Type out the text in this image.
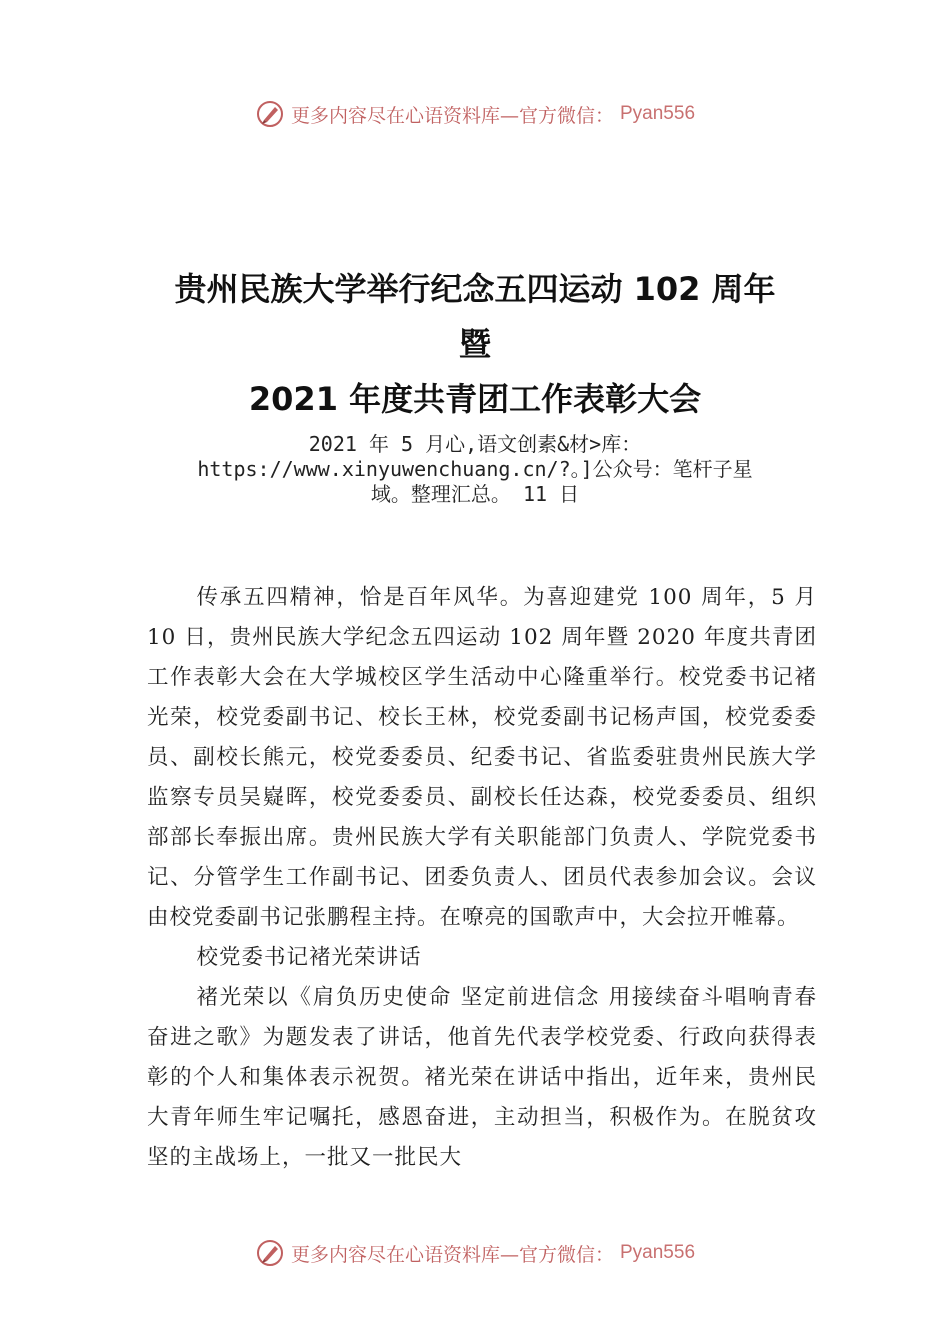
更多内容尽在心语资料库—官方微信： Pyan556
贵州民族大学举行纪念五四运动 102 周年
暨
2021 年度共青团工作表彰大会
2021 年 5 月心,语文创素&材>库：
https://www.xinyuwenchuang.cn/?。]公众号：笔杆子星
域。整理汇总。 11 日

传承五四精神，恰是百年风华。为喜迎建党 100 周年，5 月 10 日，贵州民族大学纪念五四运动 102 周年暨 2020 年度共青团工作表彰大会在大学城校区学生活动中心隆重举行。校党委书记褚光荣，校党委副书记、校长王林，校党委副书记杨声国，校党委委员、副校长熊元，校党委委员、纪委书记、省监委驻贵州民族大学监察专员吴嶷晖，校党委委员、副校长任达森，校党委委员、组织部部长奉振出席。贵州民族大学有关职能部门负责人、学院党委书记、分管学生工作副书记、团委负责人、团员代表参加会议。会议由校党委副书记张鹏程主持。在嘹亮的国歌声中，大会拉开帷幕。

校党委书记褚光荣讲话

褚光荣以《肩负历史使命 坚定前进信念 用接续奋斗唱响青春奋进之歌》为题发表了讲话，他首先代表学校党委、行政向获得表彰的个人和集体表示祝贺。褚光荣在讲话中指出，近年来，贵州民大青年师生牢记嘱托，感恩奋进，主动担当，积极作为。在脱贫攻坚的主战场上，一批又一批民大

更多内容尽在心语资料库—官方微信： Pyan556
